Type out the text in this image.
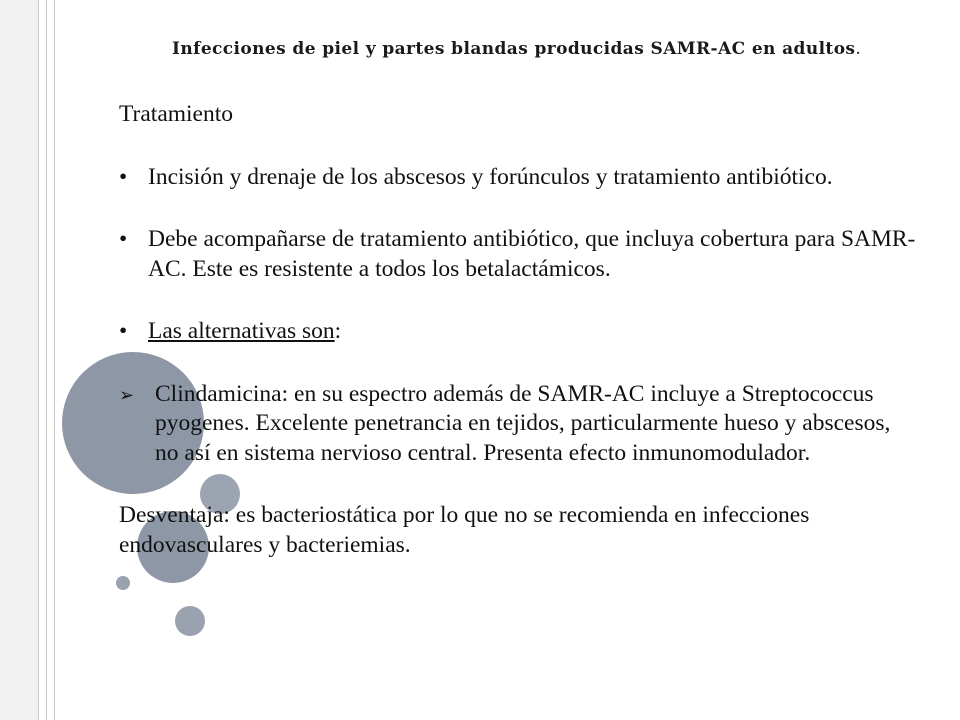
Infecciones de piel y partes blandas producidas SAMR-AC en adultos.

Tratamiento

• Incisión y drenaje de los abscesos y forúnculos y tratamiento antibiótico.

• Debe acompañarse de tratamiento antibiótico, que incluya cobertura para SAMR-AC. Este es resistente a todos los betalactámicos.

• Las alternativas son:

➢ Clindamicina: en su espectro además de SAMR-AC incluye a Streptococcus pyogenes. Excelente penetrancia en tejidos, particularmente hueso y abscesos, no así en sistema nervioso central. Presenta efecto inmunomodulador.

Desventaja: es bacteriostática por lo que no se recomienda en infecciones endovasculares y bacteriemias.
